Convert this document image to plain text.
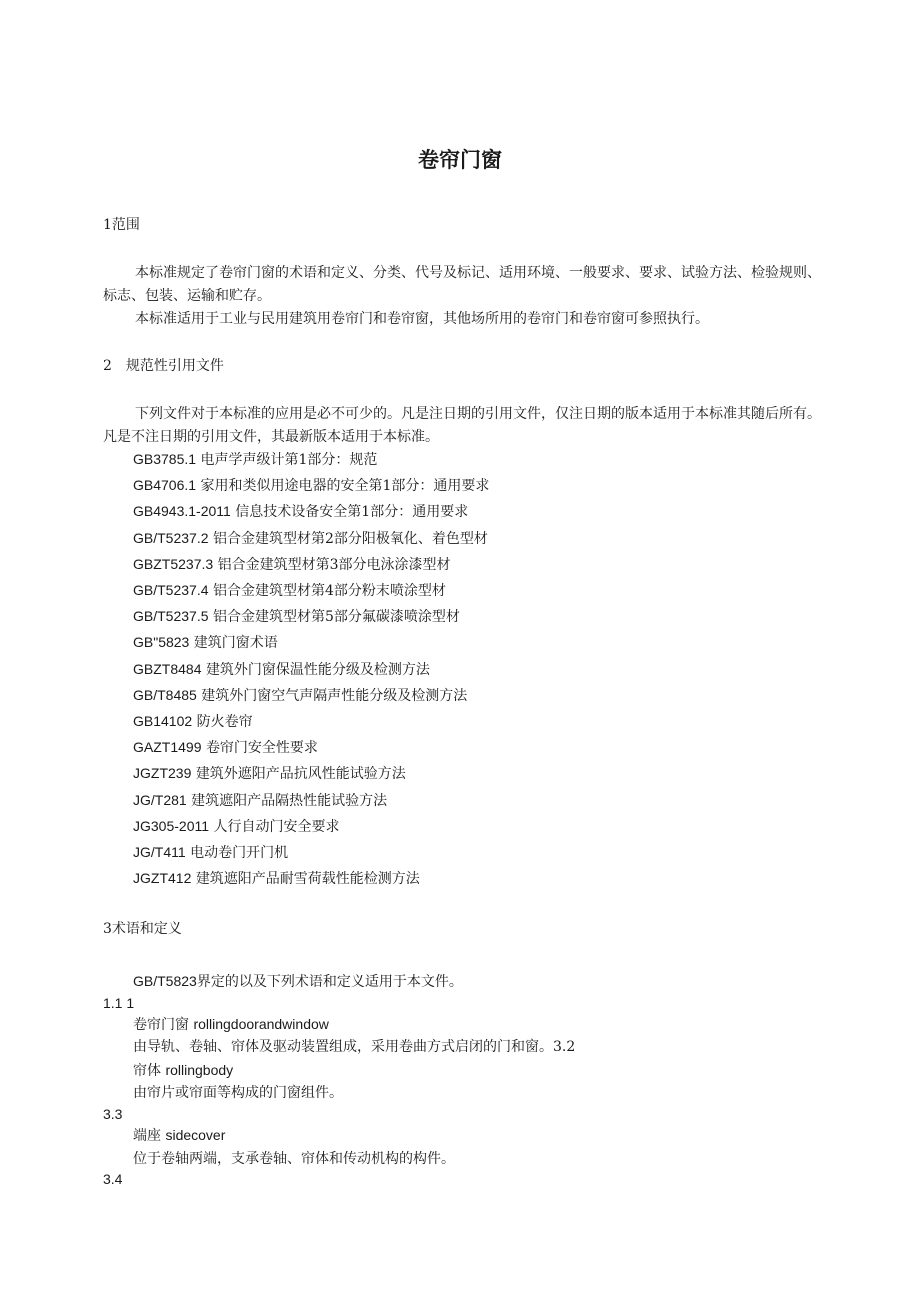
卷帘门窗
1范围
本标准规定了卷帘门窗的术语和定义、分类、代号及标记、适用环境、一般要求、要求、试验方法、检验规则、标志、包装、运输和贮存。
本标准适用于工业与民用建筑用卷帘门和卷帘窗，其他场所用的卷帘门和卷帘窗可参照执行。
2　规范性引用文件
下列文件对于本标准的应用是必不可少的。凡是注日期的引用文件，仅注日期的版本适用于本标准其随后所有。凡是不注日期的引用文件，其最新版本适用于本标准。
GB3785.1 电声学声级计第1部分：规范
GB4706.1 家用和类似用途电器的安全第1部分：通用要求
GB4943.1-2011 信息技术设备安全第1部分：通用要求
GB/T5237.2 铝合金建筑型材第2部分阳极氧化、着色型材
GBZT5237.3 铝合金建筑型材第3部分电泳涂漆型材
GB/T5237.4 铝合金建筑型材第4部分粉末喷涂型材
GB/T5237.5 铝合金建筑型材第5部分氟碳漆喷涂型材
GB"5823 建筑门窗术语
GBZT8484 建筑外门窗保温性能分级及检测方法
GB/T8485 建筑外门窗空气声隔声性能分级及检测方法
GB14102 防火卷帘
GAZT1499 卷帘门安全性要求
JGZT239 建筑外遮阳产品抗风性能试验方法
JG/T281 建筑遮阳产品隔热性能试验方法
JG305-2011 人行自动门安全要求
JG/T411 电动卷门开门机
JGZT412 建筑遮阳产品耐雪荷载性能检测方法
3术语和定义
GB/T5823界定的以及下列术语和定义适用于本文件。
1.1 1
卷帘门窗 rollingdoorandwindow
由导轨、卷轴、帘体及驱动装置组成，采用卷曲方式启闭的门和窗。3.2
帘体 rollingbody
由帘片或帘面等构成的门窗组件。
3.3
端座 sidecover
位于卷轴两端，支承卷轴、帘体和传动机构的构件。
3.4
